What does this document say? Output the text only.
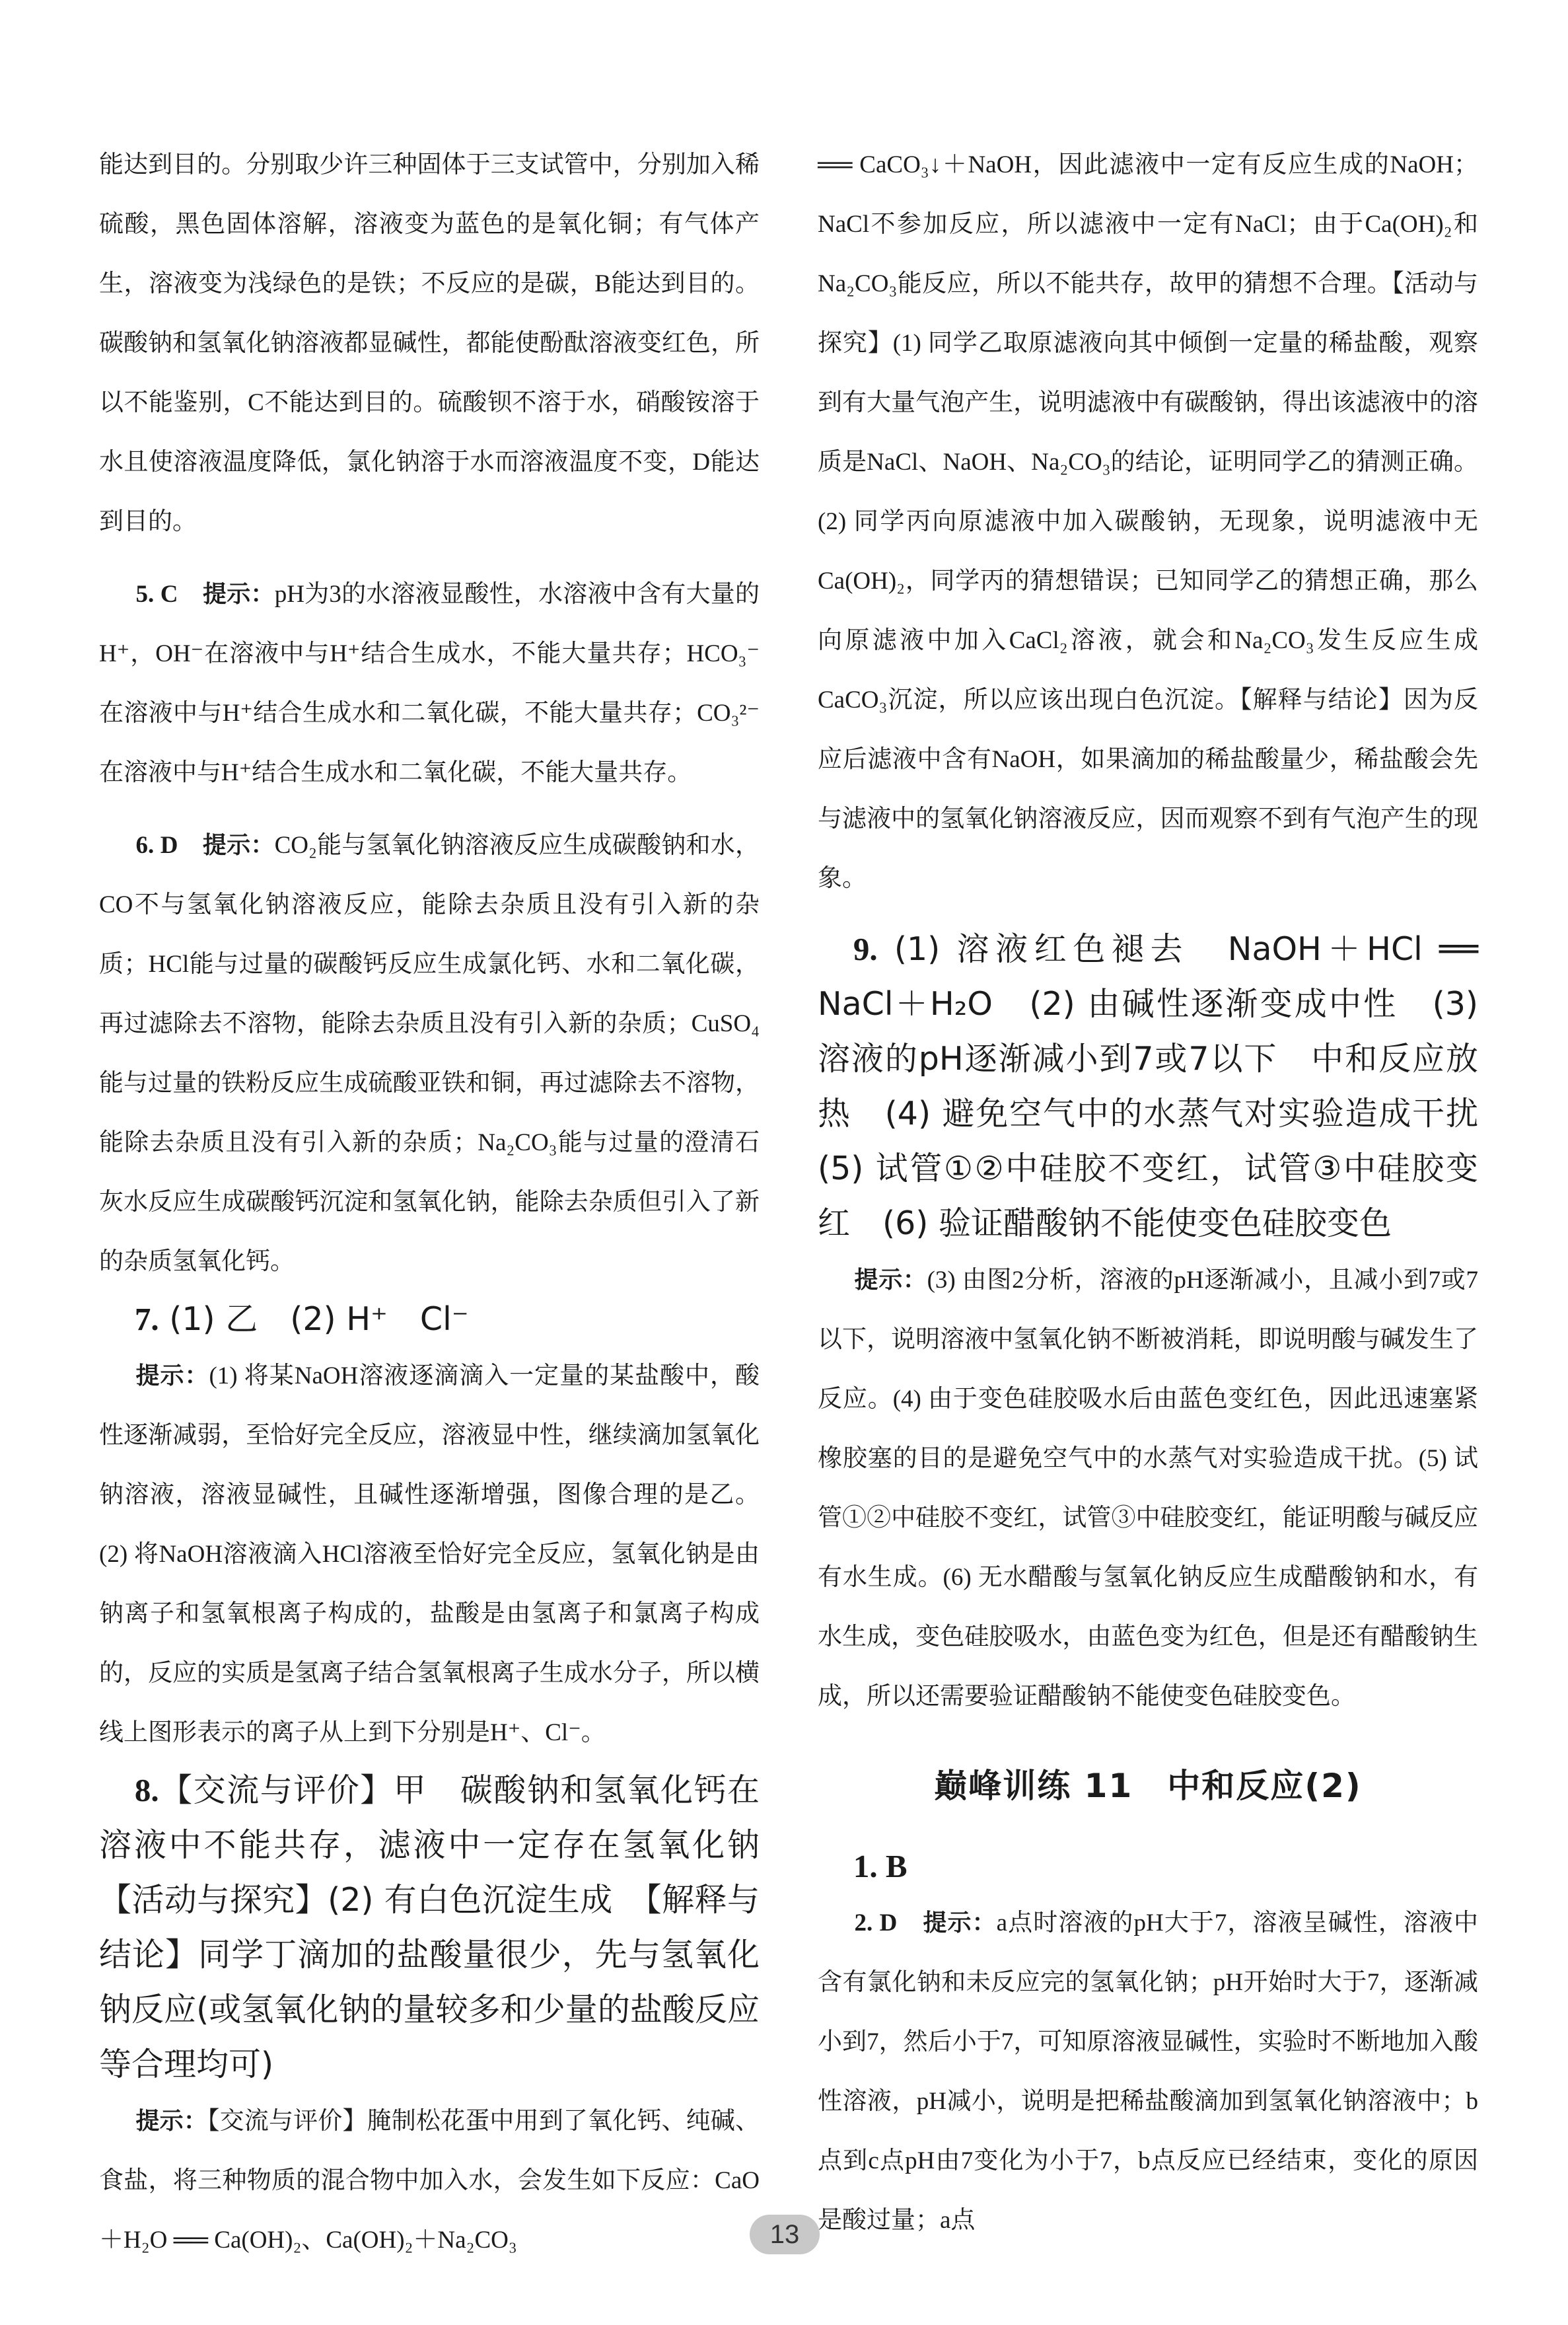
能达到目的。分别取少许三种固体于三支试管中，分别加入稀硫酸，黑色固体溶解，溶液变为蓝色的是氧化铜；有气体产生，溶液变为浅绿色的是铁；不反应的是碳，B能达到目的。碳酸钠和氢氧化钠溶液都显碱性，都能使酚酞溶液变红色，所以不能鉴别，C不能达到目的。硫酸钡不溶于水，硝酸铵溶于水且使溶液温度降低，氯化钠溶于水而溶液温度不变，D能达到目的。

5. C　 提示：pH为3的水溶液显酸性，水溶液中含有大量的H⁺，OH⁻在溶液中与H⁺结合生成水，不能大量共存；HCO₃⁻在溶液中与H⁺结合生成水和二氧化碳，不能大量共存；CO₃²⁻在溶液中与H⁺结合生成水和二氧化碳，不能大量共存。

6. D　 提示：CO₂能与氢氧化钠溶液反应生成碳酸钠和水，CO不与氢氧化钠溶液反应，能除去杂质且没有引入新的杂质；HCl能与过量的碳酸钙反应生成氯化钙、水和二氧化碳，再过滤除去不溶物，能除去杂质且没有引入新的杂质；CuSO₄能与过量的铁粉反应生成硫酸亚铁和铜，再过滤除去不溶物，能除去杂质且没有引入新的杂质；Na₂CO₃能与过量的澄清石灰水反应生成碳酸钙沉淀和氢氧化钠，能除去杂质但引入了新的杂质氢氧化钙。

7. (1) 乙　(2) H⁺　Cl⁻

提示：(1) 将某NaOH溶液逐滴滴入一定量的某盐酸中，酸性逐渐减弱，至恰好完全反应，溶液显中性，继续滴加氢氧化钠溶液，溶液显碱性，且碱性逐渐增强，图像合理的是乙。(2) 将NaOH溶液滴入HCl溶液至恰好完全反应，氢氧化钠是由钠离子和氢氧根离子构成的，盐酸是由氢离子和氯离子构成的，反应的实质是氢离子结合氢氧根离子生成水分子，所以横线上图形表示的离子从上到下分别是H⁺、Cl⁻。

8.【交流与评价】甲　碳酸钠和氢氧化钙在溶液中不能共存，滤液中一定存在氢氧化钠　【活动与探究】(2) 有白色沉淀生成　【解释与结论】同学丁滴加的盐酸量很少，先与氢氧化钠反应(或氢氧化钠的量较多和少量的盐酸反应等合理均可)

提示：【交流与评价】腌制松花蛋中用到了氧化钙、纯碱、食盐，将三种物质的混合物中加入水，会发生如下反应：CaO＋H₂O ══ Ca(OH)₂、Ca(OH)₂＋Na₂CO₃

══ CaCO₃↓＋NaOH，因此滤液中一定有反应生成的NaOH；NaCl不参加反应，所以滤液中一定有NaCl；由于Ca(OH)₂和Na₂CO₃能反应，所以不能共存，故甲的猜想不合理。【活动与探究】(1) 同学乙取原滤液向其中倾倒一定量的稀盐酸，观察到有大量气泡产生，说明滤液中有碳酸钠，得出该滤液中的溶质是NaCl、NaOH、Na₂CO₃的结论，证明同学乙的猜测正确。(2) 同学丙向原滤液中加入碳酸钠，无现象，说明滤液中无Ca(OH)₂，同学丙的猜想错误；已知同学乙的猜想正确，那么向原滤液中加入CaCl₂溶液，就会和Na₂CO₃发生反应生成CaCO₃沉淀，所以应该出现白色沉淀。【解释与结论】因为反应后滤液中含有NaOH，如果滴加的稀盐酸量少，稀盐酸会先与滤液中的氢氧化钠溶液反应，因而观察不到有气泡产生的现象。

9. (1) 溶液红色褪去　NaOH＋HCl ══ NaCl＋H₂O　(2) 由碱性逐渐变成中性　(3) 溶液的pH逐渐减小到7或7以下　中和反应放热　(4) 避免空气中的水蒸气对实验造成干扰　(5) 试管①②中硅胶不变红，试管③中硅胶变红　(6) 验证醋酸钠不能使变色硅胶变色

提示：(3) 由图2分析，溶液的pH逐渐减小，且减小到7或7以下，说明溶液中氢氧化钠不断被消耗，即说明酸与碱发生了反应。(4) 由于变色硅胶吸水后由蓝色变红色，因此迅速塞紧橡胶塞的目的是避免空气中的水蒸气对实验造成干扰。(5) 试管①②中硅胶不变红，试管③中硅胶变红，能证明酸与碱反应有水生成。(6) 无水醋酸与氢氧化钠反应生成醋酸钠和水，有水生成，变色硅胶吸水，由蓝色变为红色，但是还有醋酸钠生成，所以还需要验证醋酸钠不能使变色硅胶变色。

巅峰训练 11　中和反应(2)

1. B

2. D　 提示：a点时溶液的pH大于7，溶液呈碱性，溶液中含有氯化钠和未反应完的氢氧化钠；pH开始时大于7，逐渐减小到7，然后小于7，可知原溶液显碱性，实验时不断地加入酸性溶液，pH减小，说明是把稀盐酸滴加到氢氧化钠溶液中；b点到c点pH由7变化为小于7，b点反应已经结束，变化的原因是酸过量；a点

13
